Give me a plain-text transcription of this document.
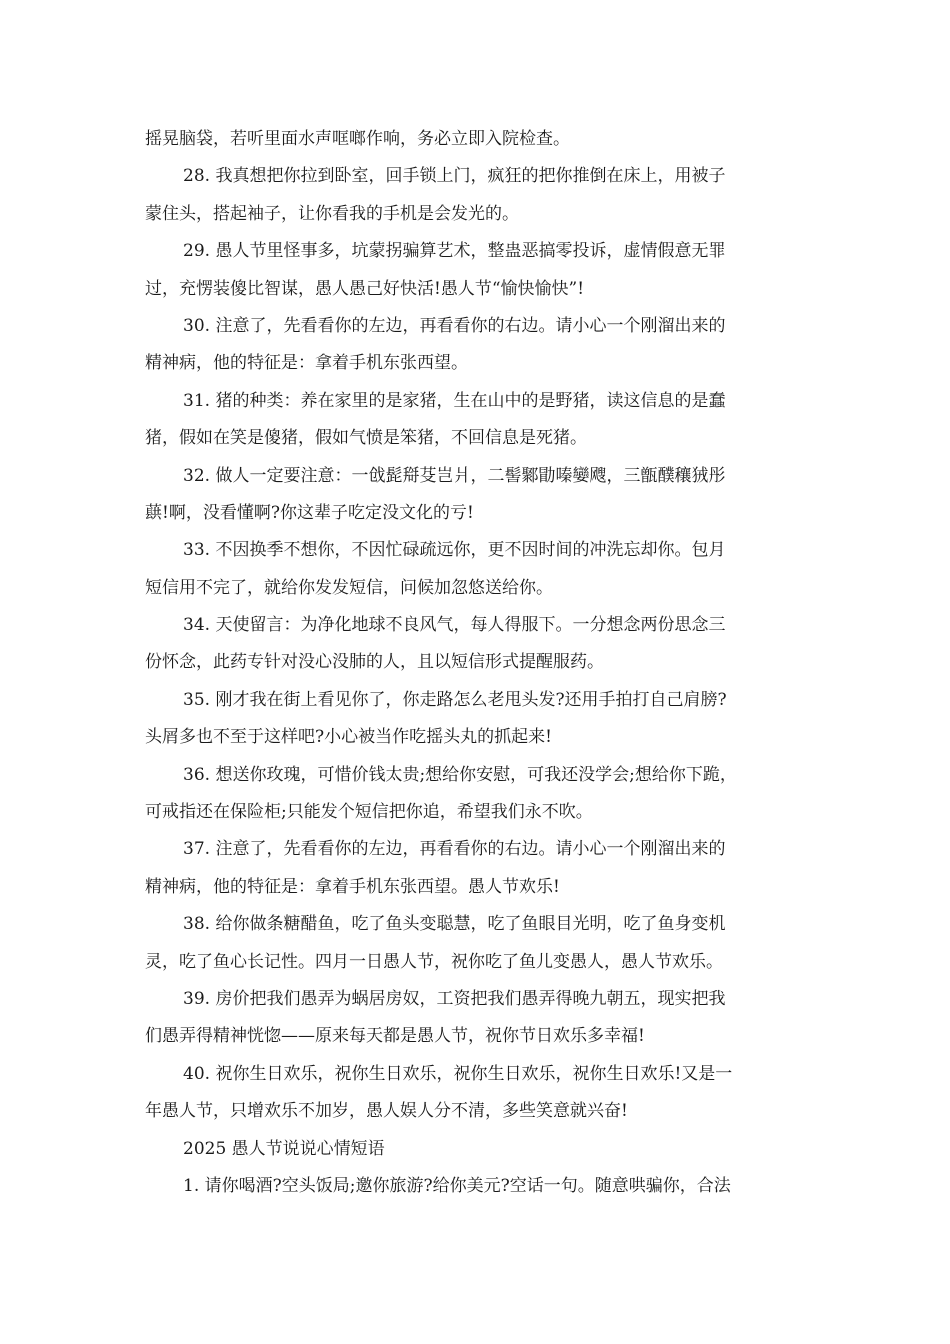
摇晃脑袋，若听里面水声哐啷作响，务必立即入院检查。
28. 我真想把你拉到卧室，回手锁上门，疯狂的把你推倒在床上，用被子
蒙住头，搭起袖子，让你看我的手机是会发光的。
29. 愚人节里怪事多，坑蒙拐骗算艺术，整蛊恶搞零投诉，虚情假意无罪
过，充愣装傻比智谋，愚人愚己好快活!愚人节“愉快愉快”!
30. 注意了，先看看你的左边，再看看你的右边。请小心一个刚溜出来的
精神病，他的特征是：拿着手机东张西望。
31. 猪的种类：养在家里的是家猪，生在山中的是野猪，读这信息的是蠢
猪，假如在笑是傻猪，假如气愤是笨猪，不回信息是死猪。
32. 做人一定要注意：一戗髭搿芟岂爿，二髻鄹勖嗪孌飕，三甑醭穰狨彤
蕻!啊，没看懂啊?你这辈子吃定没文化的亏!
33. 不因换季不想你，不因忙碌疏远你，更不因时间的冲洗忘却你。包月
短信用不完了，就给你发发短信，问候加忽悠送给你。
34. 天使留言：为净化地球不良风气，每人得服下。一分想念两份思念三
份怀念，此药专针对没心没肺的人，且以短信形式提醒服药。
35. 刚才我在街上看见你了，你走路怎么老甩头发?还用手拍打自己肩膀?
头屑多也不至于这样吧?小心被当作吃摇头丸的抓起来!
36. 想送你玫瑰，可惜价钱太贵;想给你安慰，可我还没学会;想给你下跪，
可戒指还在保险柜;只能发个短信把你追，希望我们永不吹。
37. 注意了，先看看你的左边，再看看你的右边。请小心一个刚溜出来的
精神病，他的特征是：拿着手机东张西望。愚人节欢乐!
38. 给你做条糖醋鱼，吃了鱼头变聪慧，吃了鱼眼目光明，吃了鱼身变机
灵，吃了鱼心长记性。四月一日愚人节，祝你吃了鱼儿变愚人，愚人节欢乐。
39. 房价把我们愚弄为蜗居房奴，工资把我们愚弄得晚九朝五，现实把我
们愚弄得精神恍惚——原来每天都是愚人节，祝你节日欢乐多幸福!
40. 祝你生日欢乐，祝你生日欢乐，祝你生日欢乐，祝你生日欢乐!又是一
年愚人节，只增欢乐不加岁，愚人娱人分不清，多些笑意就兴奋!
2025 愚人节说说心情短语
1. 请你喝酒?空头饭局;邀你旅游?给你美元?空话一句。随意哄骗你，合法
